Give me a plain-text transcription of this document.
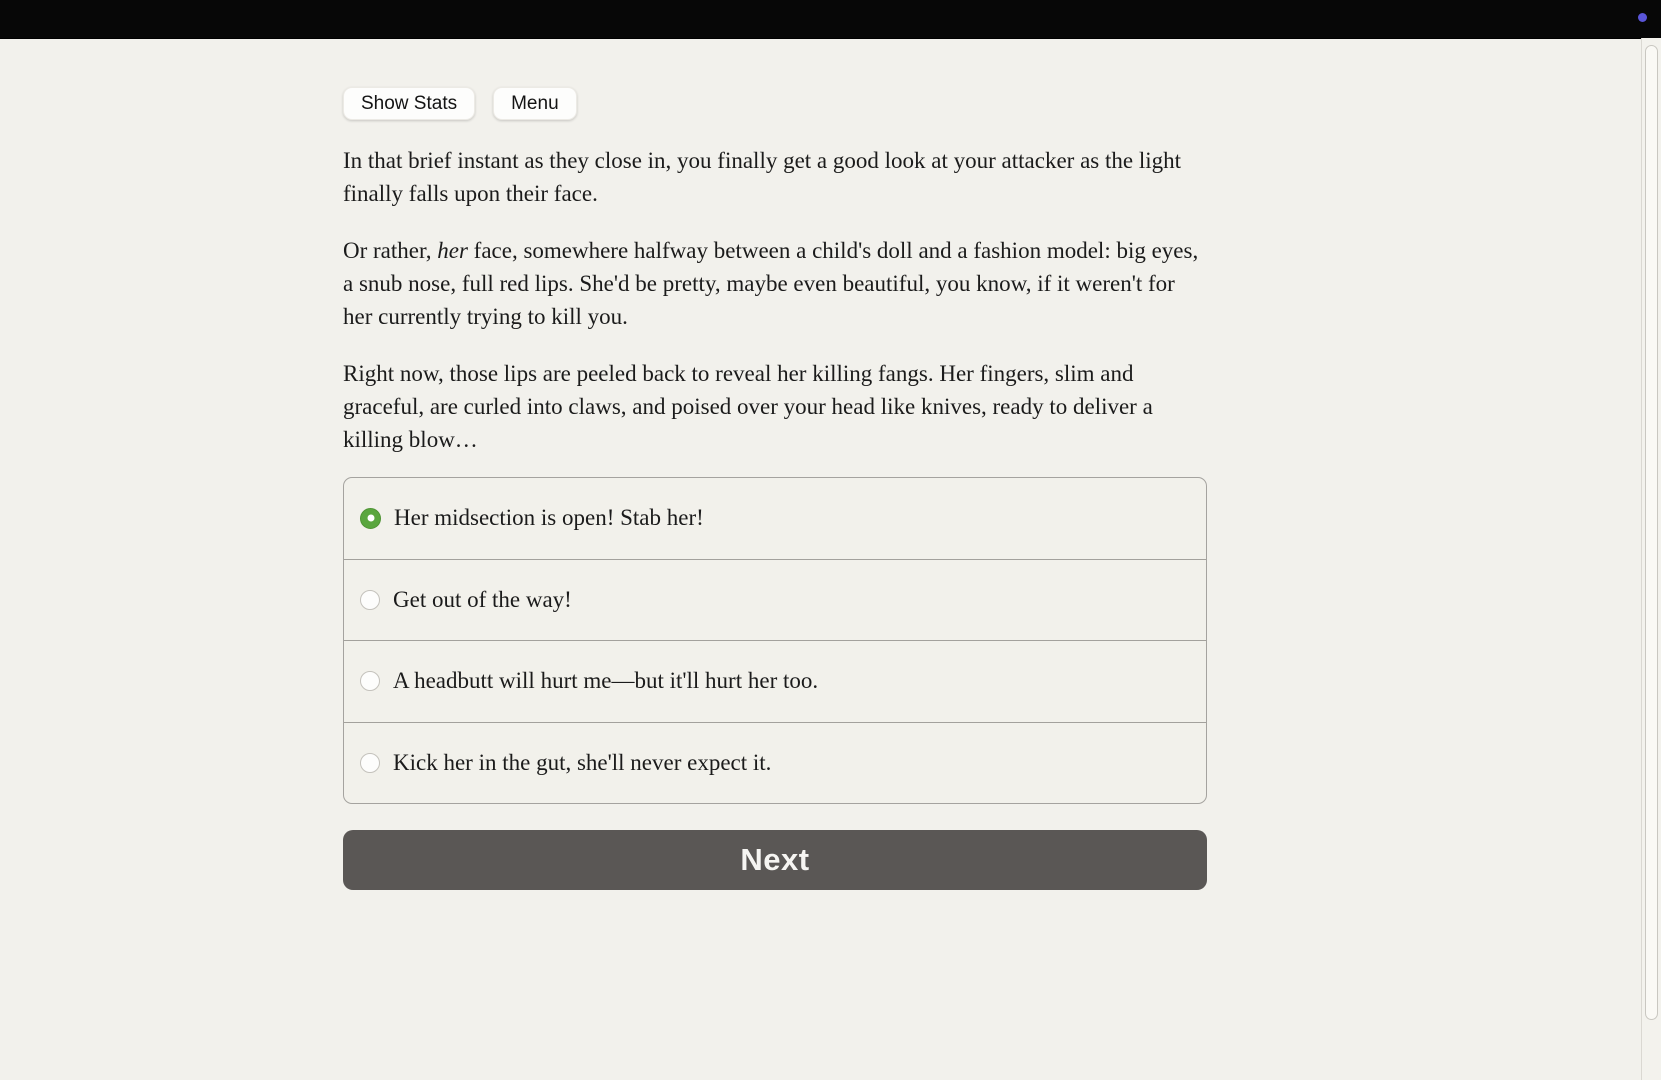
Show Stats	Menu

In that brief instant as they close in, you finally get a good look at your attacker as the light finally falls upon their face.

Or rather, her face, somewhere halfway between a child's doll and a fashion model: big eyes, a snub nose, full red lips. She'd be pretty, maybe even beautiful, you know, if it weren't for her currently trying to kill you.

Right now, those lips are peeled back to reveal her killing fangs. Her fingers, slim and graceful, are curled into claws, and poised over your head like knives, ready to deliver a killing blow…

Her midsection is open! Stab her!
Get out of the way!
A headbutt will hurt me—but it'll hurt her too.
Kick her in the gut, she'll never expect it.
Next
